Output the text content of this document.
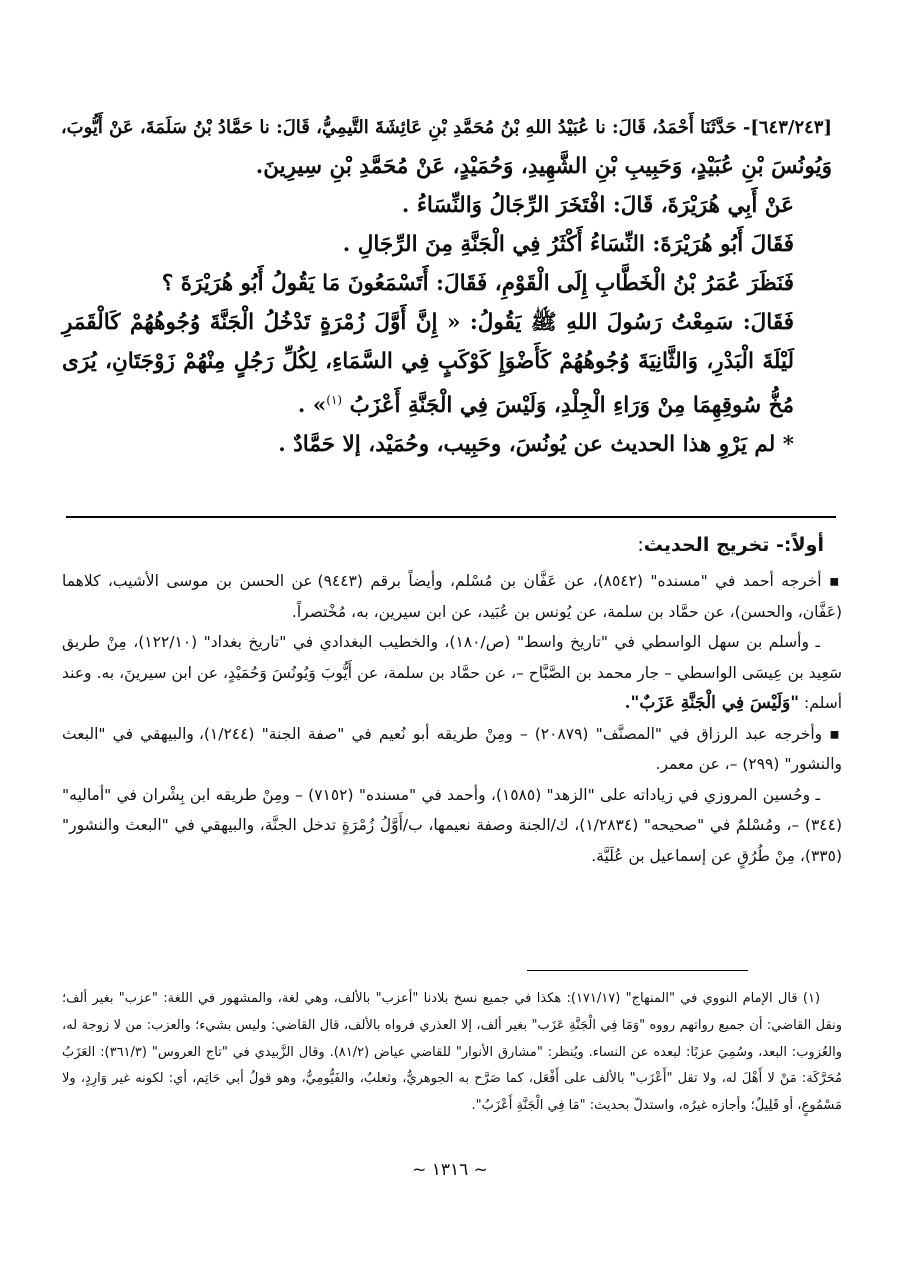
[٦٤٣/٢٤٣]- حَدَّثَنَا أَحْمَدُ، قَالَ: نا عُبَيْدُ اللهِ بْنُ مُحَمَّدِ بْنِ عَائِشَةَ التَّيمِيُّ، قَالَ: نا حَمَّادُ بْنُ سَلَمَةَ، عَنْ أَيُّوبَ،

وَيُونُسَ بْنِ عُبَيْدٍ، وَحَبِيبِ بْنِ الشَّهِيدِ، وَحُمَيْدٍ، عَنْ مُحَمَّدِ بْنِ سِيرِينَ.

عَنْ أَبِي هُرَيْرَةَ، قَالَ: افْتَخَرَ الرِّجَالُ وَالنِّسَاءُ .

فَقَالَ أَبُو هُرَيْرَةَ: النِّسَاءُ أَكْثَرُ فِي الْجَنَّةِ مِنَ الرِّجَالِ .

فَنَظَرَ عُمَرُ بْنُ الْخَطَّابِ إِلَى الْقَوْمِ، فَقَالَ: أَتَسْمَعُونَ مَا يَقُولُ أَبُو هُرَيْرَةَ ؟

فَقَالَ: سَمِعْتُ رَسُولَ اللهِ ﷺ يَقُولُ: « إِنَّ أَوَّلَ زُمْرَةٍ تَدْخُلُ الْجَنَّةَ وُجُوهُهُمْ كَالْقَمَرِ لَيْلَةَ الْبَدْرِ، وَالثَّانِيَةَ وُجُوهُهُمْ كَأَضْوَإِ كَوْكَبٍ فِي السَّمَاءِ، لِكُلِّ رَجُلٍ مِنْهُمْ زَوْجَتَانِ، يُرَى مُخُّ سُوقِهِمَا مِنْ وَرَاءِ الْجِلْدِ، وَلَيْسَ فِي الْجَنَّةِ أَعْزَبُ $^{(١)}$» .

* لم يَرْوِ هذا الحديث عن يُونُسَ، وحَبِيب، وحُمَيْد، إلا حَمَّادٌ .

أولاً:- تخريج الحديث:

▪ أخرجه أحمد في "مسنده" (٨٥٤٢)، عن عَفَّان بن مُسْلم، وأيضاً برقم (٩٤٤٣) عن الحسن بن موسى الأشيب، كلاهما (عَفَّان، والحسن)، عن حمَّاد بن سلمة، عن يُونس بن عُبَيد، عن ابن سيرين، به، مُخْتصراً.

ـ وأسلم بن سهل الواسطي في "تاريخ واسط" (ص/١٨٠)، والخطيب البغدادي في "تاريخ بغداد" (١٢٢/١٠)، مِنْ طريق سَعِيد بن عِيسَى الواسطي – جار محمد بن الصَّبَّاح –، عن حمَّاد بن سلمة، عن أَيُّوبَ وَيُونُسَ وَحُمَيْدٍ، عن ابن سيرينَ، به. وعند أسلم: "وَلَيْسَ فِي الْجَنَّةِ عَزَبٌ".

▪ وأخرجه عبد الرزاق في "المصنَّف" (٢٠٨٧٩) – ومِنْ طريقه أبو نُعيم في "صفة الجنة" (١/٢٤٤)، والبيهقي في "البعث والنشور" (٢٩٩) –، عن معمر.

ـ وحُسين المروزي في زياداته على "الزهد" (١٥٨٥)، وأحمد في "مسنده" (٧١٥٢) – ومِنْ طريقه ابن بِشْران في "أماليه" (٣٤٤) –، ومُسْلمٌ في "صحيحه" (١/٢٨٣٤)، ك/الجنة وصفة نعيمها، ب/أَوَّلُ زُمْرَةٍ تدخل الجنَّة، والبيهقي في "البعث والنشور" (٣٣٥)، مِنْ طُرُقٍ عن إسماعيل بن عُلَيَّة.

(١) قال الإمام النووي في "المنهاج" (١٧١/١٧): هكذا في جميع نسخ بلادنا "أعزب" بالألف، وهي لغة، والمشهور في اللغة: "عزب" بغير ألف؛ ونقل القاضي: أن جميع رواتهم رووه "وَمَا فِي الْجَنَّةِ عَزَب" بغير ألف، إلا العذري فرواه بالألف، قال القاضي: وليس بشيء؛ والعزب: من لا زوجة له، والعُزوب: البعد، وسُمِيَ عزبًا: لبعده عن النساء. ويُنظر: "مشارق الأنوار" للقاضي عياض (٨١/٢). وقال الزَّبيدي في "تاج العروس" (٣٦١/٣): العَزَبُ مُحَرَّكَة: مَنْ لا أَهْلَ له، ولا تقل "أَعْزَب" بالألف على أَفْعَل، كما صَرَّح به الجوهريُّ، وثعلبٌ، والفَيُّومِيُّ، وهو قولُ أبي حَاتِم، أي: لكونه غير وَارِدٍ، ولا مَسْمُوعٍ، أو قَلِيلٌ؛ وأجازه غيرُه، واستدلّ بحديث: "مَا فِي الْجَنَّةِ أَعْزَبُ".

~ ١٣١٦ ~
